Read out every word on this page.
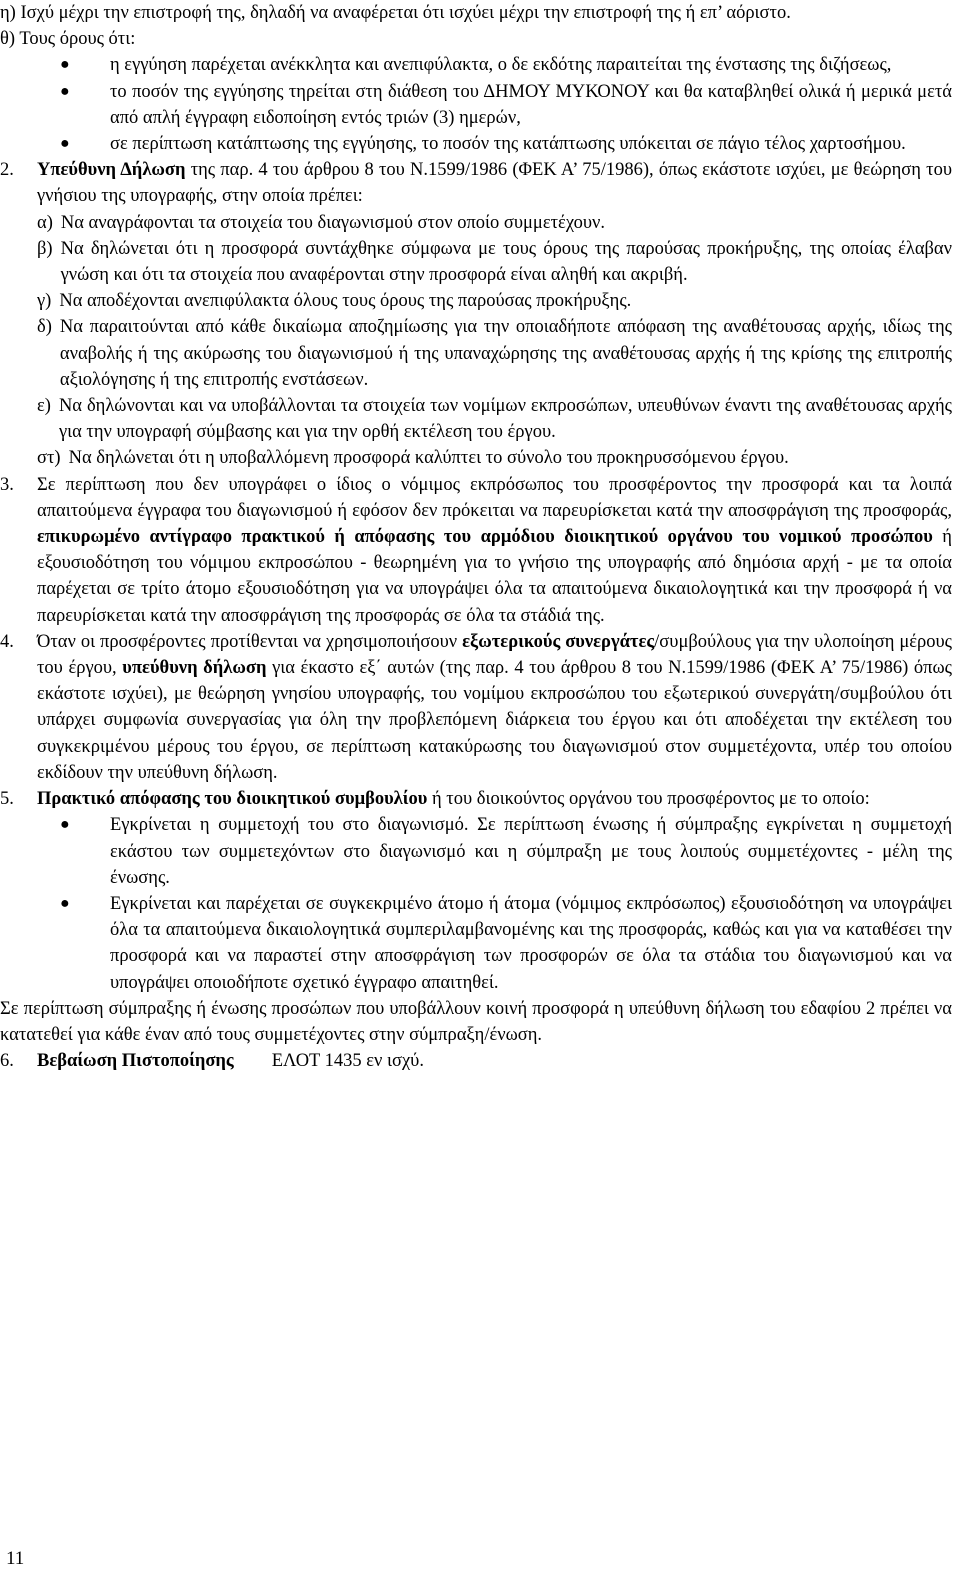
η) Ισχύ μέχρι την επιστροφή της, δηλαδή να αναφέρεται ότι ισχύει μέχρι την επιστροφή της ή επ’ αόριστο.

θ) Τους όρους ότι:

●	η εγγύηση παρέχεται ανέκκλητα και ανεπιφύλακτα, ο δε εκδότης παραιτείται της ένστασης της διζήσεως,
●	το ποσόν της εγγύησης τηρείται στη διάθεση του ΔΗΜΟΥ ΜΥΚΟΝΟΥ και θα καταβληθεί ολικά ή μερικά μετά από απλή έγγραφη ειδοποίηση εντός τριών (3) ημερών,
●	σε περίπτωση κατάπτωσης της εγγύησης, το ποσόν της κατάπτωσης υπόκειται σε πάγιο τέλος χαρτοσήμου.
2.	Υπεύθυνη Δήλωση της παρ. 4 του άρθρου 8 του Ν.1599/1986 (ΦΕΚ Α’ 75/1986), όπως εκάστοτε ισχύει, με θεώρηση του γνήσιου της υπογραφής, στην οποία πρέπει:

α) Να αναγράφονται τα στοιχεία του διαγωνισμού στον οποίο συμμετέχουν.

β) Να δηλώνεται ότι η προσφορά συντάχθηκε σύμφωνα με τους όρους της παρούσας προκήρυξης, της οποίας έλαβαν γνώση και ότι τα στοιχεία που αναφέρονται στην προσφορά είναι αληθή και ακριβή.

γ) Να αποδέχονται ανεπιφύλακτα όλους τους όρους της παρούσας προκήρυξης.

δ) Να παραιτούνται από κάθε δικαίωμα αποζημίωσης για την οποιαδήποτε απόφαση της αναθέτουσας αρχής, ιδίως της αναβολής ή της ακύρωσης του διαγωνισμού ή της υπαναχώρησης της αναθέτουσας αρχής ή της κρίσης της επιτροπής αξιολόγησης ή της επιτροπής ενστάσεων.

ε) Να δηλώνονται και να υποβάλλονται τα στοιχεία των νομίμων εκπροσώπων, υπευθύνων έναντι της αναθέτουσας αρχής για την υπογραφή σύμβασης και για την ορθή εκτέλεση του έργου.

στ) Να δηλώνεται ότι η υποβαλλόμενη προσφορά καλύπτει το σύνολο του προκηρυσσόμενου έργου.

3.	Σε περίπτωση που δεν υπογράφει ο ίδιος ο νόμιμος εκπρόσωπος του προσφέροντος την προσφορά και τα λοιπά απαιτούμενα έγγραφα του διαγωνισμού ή εφόσον δεν πρόκειται να παρευρίσκεται κατά την αποσφράγιση της προσφοράς, επικυρωμένο αντίγραφο πρακτικού ή απόφασης του αρμόδιου διοικητικού οργάνου του νομικού προσώπου ή εξουσιοδότηση του νόμιμου εκπροσώπου - θεωρημένη για το γνήσιο της υπογραφής από δημόσια αρχή - με τα οποία παρέχεται σε τρίτο άτομο εξουσιοδότηση για να υπογράψει όλα τα απαιτούμενα δικαιολογητικά και την προσφορά ή να παρευρίσκεται κατά την αποσφράγιση της προσφοράς σε όλα τα στάδιά της.

4.	Όταν οι προσφέροντες προτίθενται να χρησιμοποιήσουν εξωτερικούς συνεργάτες/συμβούλους για την υλοποίηση μέρους του έργου, υπεύθυνη δήλωση για έκαστο εξ΄ αυτών (της παρ. 4 του άρθρου 8 του Ν.1599/1986 (ΦΕΚ Α’ 75/1986) όπως εκάστοτε ισχύει), με θεώρηση γνησίου υπογραφής, του νομίμου εκπροσώπου του εξωτερικού συνεργάτη/συμβούλου ότι υπάρχει συμφωνία συνεργασίας για όλη την προβλεπόμενη διάρκεια του έργου και ότι αποδέχεται την εκτέλεση του συγκεκριμένου μέρους του έργου, σε περίπτωση κατακύρωσης του διαγωνισμού στον συμμετέχοντα, υπέρ του οποίου εκδίδουν την υπεύθυνη δήλωση.

5.	Πρακτικό απόφασης του διοικητικού συμβουλίου ή του διοικούντος οργάνου του προσφέροντος με το οποίο:

●	Εγκρίνεται η συμμετοχή του στο διαγωνισμό. Σε περίπτωση ένωσης ή σύμπραξης εγκρίνεται η συμμετοχή εκάστου των συμμετεχόντων στο διαγωνισμό και η σύμπραξη με τους λοιπούς συμμετέχοντες - μέλη της ένωσης.
●	Εγκρίνεται και παρέχεται σε συγκεκριμένο άτομο ή άτομα (νόμιμος εκπρόσωπος) εξουσιοδότηση να υπογράψει όλα τα απαιτούμενα δικαιολογητικά συμπεριλαμβανομένης και της προσφοράς, καθώς και για να καταθέσει την προσφορά και να παραστεί στην αποσφράγιση των προσφορών σε όλα τα στάδια του διαγωνισμού και να υπογράψει οποιοδήποτε σχετικό έγγραφο απαιτηθεί.

Σε περίπτωση σύμπραξης ή ένωσης προσώπων που υποβάλλουν κοινή προσφορά η υπεύθυνη δήλωση του εδαφίου 2 πρέπει να κατατεθεί για κάθε έναν από τους συμμετέχοντες στην σύμπραξη/ένωση.

6.	Βεβαίωση Πιστοποίησης ΕΛΟΤ 1435 εν ισχύ.

11
